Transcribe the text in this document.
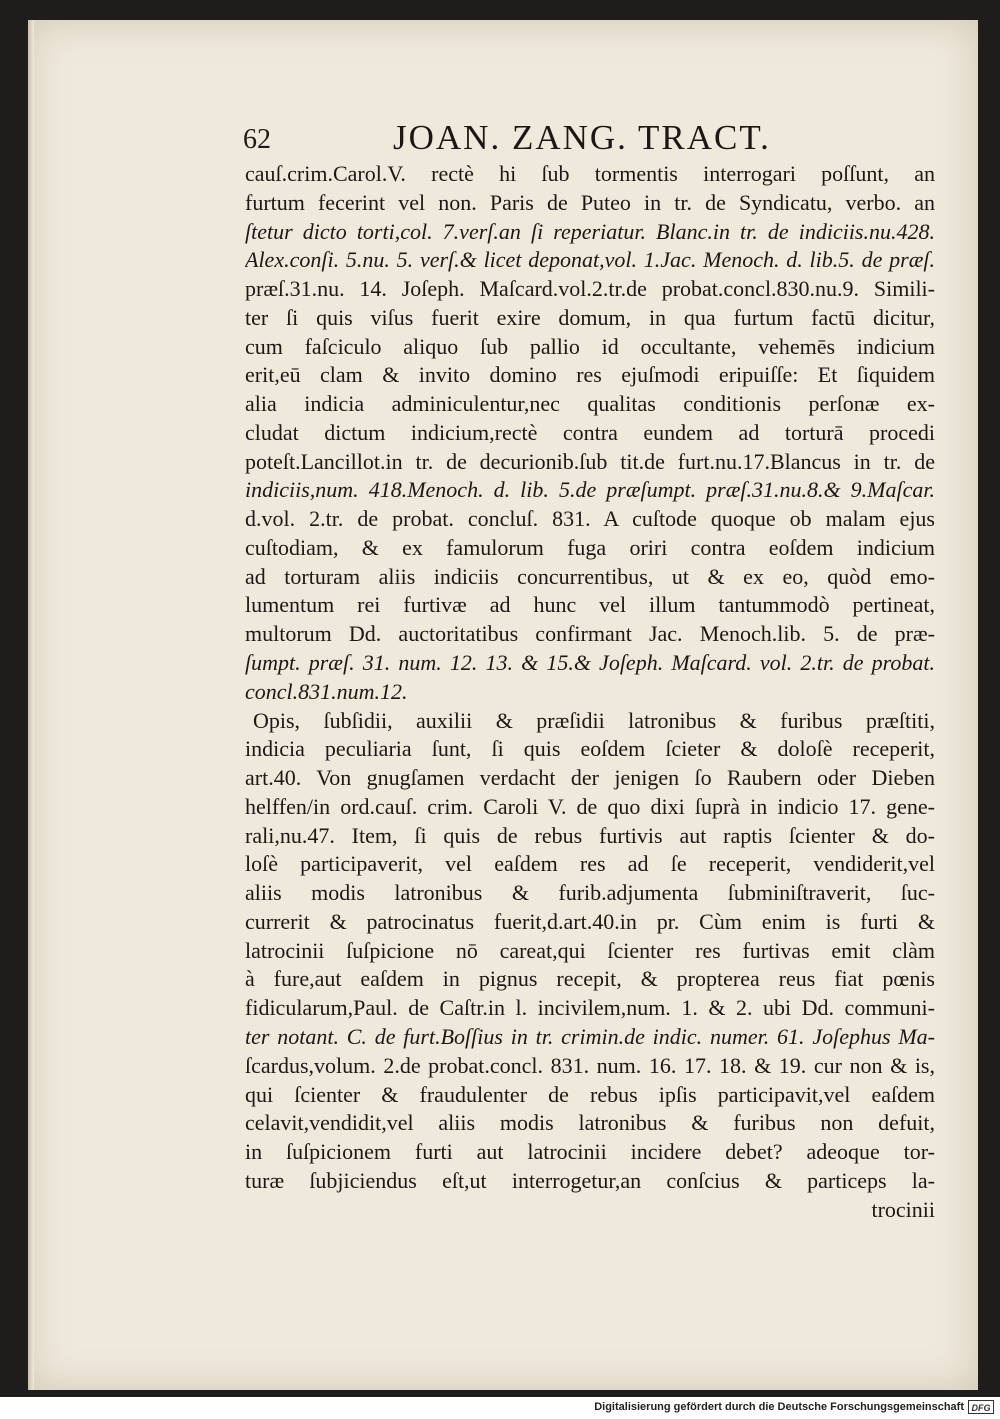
62	JOAN. ZANG. TRACT.
cauſ.crim.Carol.V. rectè hi ſub tormentis interrogari poſſunt, an
furtum fecerint vel non. Paris de Puteo in tr. de Syndicatu, verbo. an
ſtetur dicto torti,col. 7.verſ.an ſi reperiatur. Blanc.in tr. de indiciis.nu.428.
Alex.conſi. 5.nu. 5. verſ.& licet deponat,vol. 1.Jac. Menoch. d. lib.5. de præſ.
præſ.31.nu. 14. Joſeph. Maſcard.vol.2.tr.de probat.concl.830.nu.9. Simili-
ter ſi quis viſus fuerit exire domum, in qua furtum factū dicitur,
cum faſciculo aliquo ſub pallio id occultante, vehemēs indicium
erit,eū clam & invito domino res ejuſmodi eripuiſſe: Et ſiquidem
alia indicia adminiculentur,nec qualitas conditionis perſonæ ex-
cludat dictum indicium,rectè contra eundem ad torturā procedi
poteſt.Lancillot.in tr. de decurionib.ſub tit.de furt.nu.17.Blancus in tr. de
indiciis,num. 418.Menoch. d. lib. 5.de præſumpt. præſ.31.nu.8.& 9.Maſcar.
d.vol. 2.tr. de probat. concluſ. 831. A cuſtode quoque ob malam ejus
cuſtodiam, & ex famulorum fuga oriri contra eoſdem indicium
ad torturam aliis indiciis concurrentibus, ut & ex eo, quòd emo-
lumentum rei furtivæ ad hunc vel illum tantummodò pertineat,
multorum Dd. auctoritatibus confirmant Jac. Menoch.lib. 5. de præ-
ſumpt. præſ. 31. num. 12. 13. & 15.& Joſeph. Maſcard. vol. 2.tr. de probat.
concl.831.num.12.
Opis, ſubſidii, auxilii & præſidii latronibus & furibus præſtiti,
indicia peculiaria ſunt, ſi quis eoſdem ſcieter & doloſè receperit,
art.40. Von gnugſamen verdacht der jenigen ſo Raubern oder Dieben
helffen/in ord.cauſ. crim. Caroli V. de quo dixi ſuprà in indicio 17. gene-
rali,nu.47. Item, ſi quis de rebus furtivis aut raptis ſcienter & do-
loſè participaverit, vel eaſdem res ad ſe receperit, vendiderit,vel
aliis modis latronibus & furib.adjumenta ſubminiſtraverit, ſuc-
currerit & patrocinatus fuerit,d.art.40.in pr. Cùm enim is furti &
latrocinii ſuſpicione nō careat,qui ſcienter res furtivas emit clàm
à fure,aut eaſdem in pignus recepit, & propterea reus fiat pœnis
fidicularum,Paul. de Caſtr.in l. incivilem,num. 1. & 2. ubi Dd. communi-
ter notant. C. de furt.Boſſius in tr. crimin.de indic. numer. 61. Joſephus Ma-
ſcardus,volum. 2.de probat.concl. 831. num. 16. 17. 18. & 19. cur non & is,
qui ſcienter & fraudulenter de rebus ipſis participavit,vel eaſdem
celavit,vendidit,vel aliis modis latronibus & furibus non defuit,
in ſuſpicionem furti aut latrocinii incidere debet? adeoque tor-
turæ ſubjiciendus eſt,ut interrogetur,an conſcius & particeps la-
trocinii
Digitalisierung gefördert durch die Deutsche Forschungsgemeinschaft DFG
